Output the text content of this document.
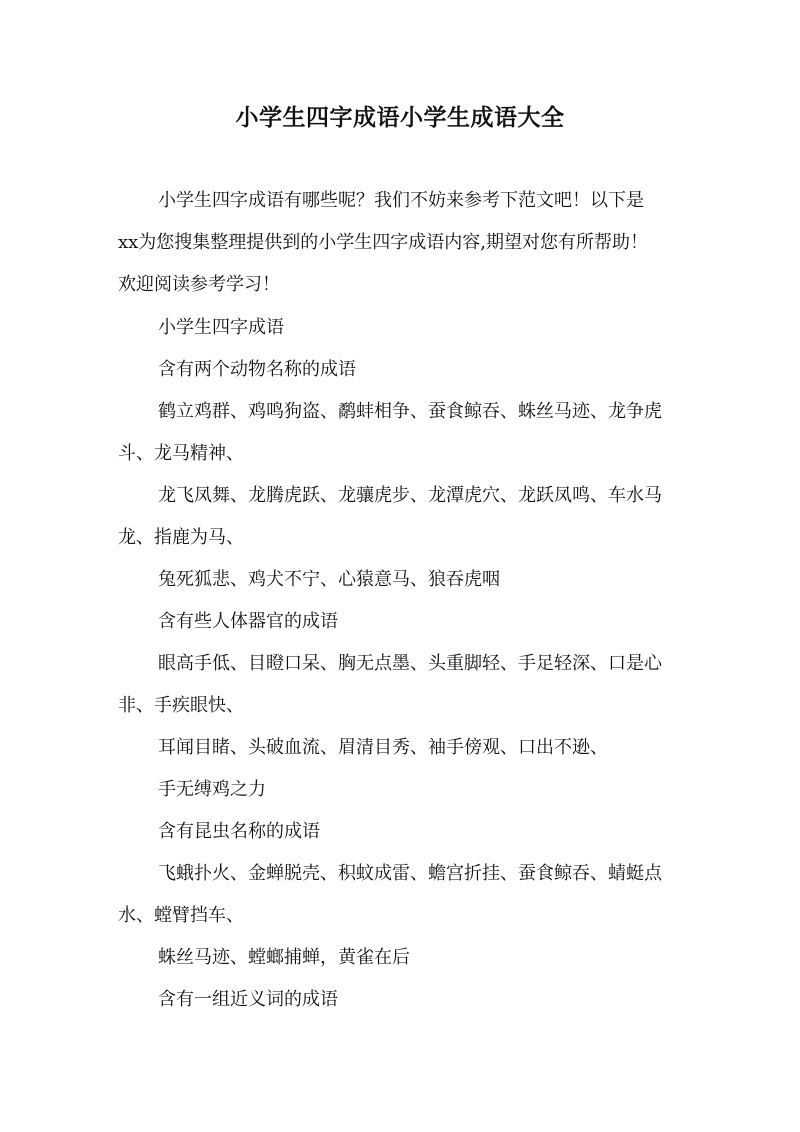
小学生四字成语小学生成语大全

小学生四字成语有哪些呢？我们不妨来参考下范文吧！以下是
xx为您搜集整理提供到的小学生四字成语内容,期望对您有所帮助！
欢迎阅读参考学习！

小学生四字成语

含有两个动物名称的成语

鹤立鸡群、鸡鸣狗盗、鹬蚌相争、蚕食鲸吞、蛛丝马迹、龙争虎
斗、龙马精神、

龙飞凤舞、龙腾虎跃、龙骧虎步、龙潭虎穴、龙跃凤鸣、车水马
龙、指鹿为马、

兔死狐悲、鸡犬不宁、心猿意马、狼吞虎咽

含有些人体器官的成语

眼高手低、目瞪口呆、胸无点墨、头重脚轻、手足轻深、口是心
非、手疾眼快、

耳闻目睹、头破血流、眉清目秀、袖手傍观、口出不逊、

手无缚鸡之力

含有昆虫名称的成语

飞蛾扑火、金蝉脱壳、积蚊成雷、蟾宫折挂、蚕食鲸吞、蜻蜓点
水、螳臂挡车、

蛛丝马迹、螳螂捕蝉，黄雀在后

含有一组近义词的成语
